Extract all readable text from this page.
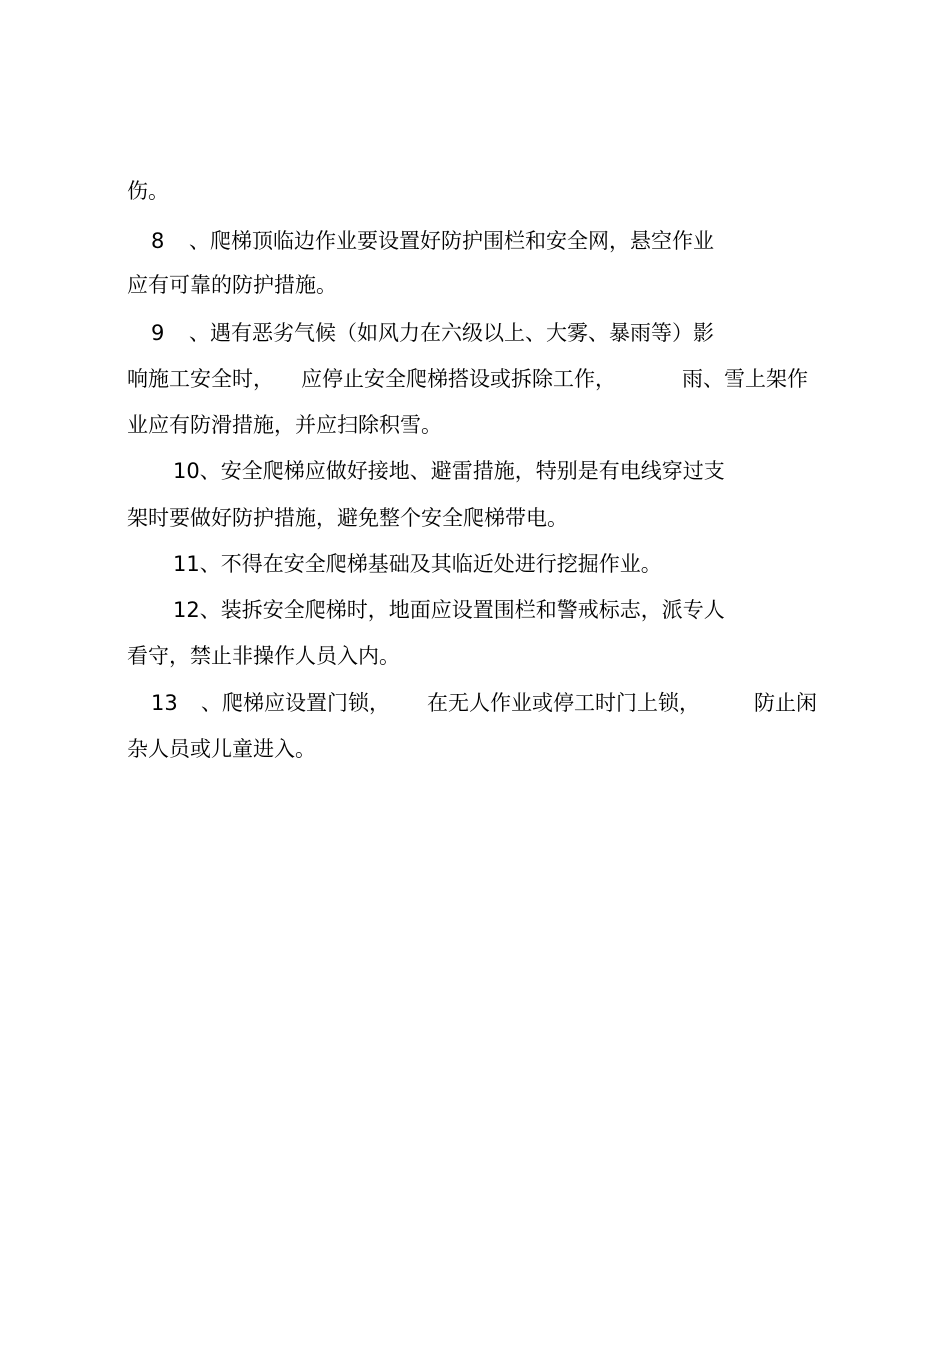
伤。

8

、爬梯顶临边作业要设置好防护围栏和安全网，悬空作业

应有可靠的防护措施。

9

、遇有恶劣气候（如风力在六级以上、大雾、暴雨等）影

响施工安全时，

应停止安全爬梯搭设或拆除工作，

	雨、雪上架作

业应有防滑措施，并应扫除积雪。

10、安全爬梯应做好接地、避雷措施，特别是有电线穿过支

架时要做好防护措施，避免整个安全爬梯带电。

11、不得在安全爬梯基础及其临近处进行挖掘作业。

12、装拆安全爬梯时，地面应设置围栏和警戒标志，派专人

看守，禁止非操作人员入内。

13

、爬梯应设置门锁，

在无人作业或停工时门上锁，

	防止闲

杂人员或儿童进入。
